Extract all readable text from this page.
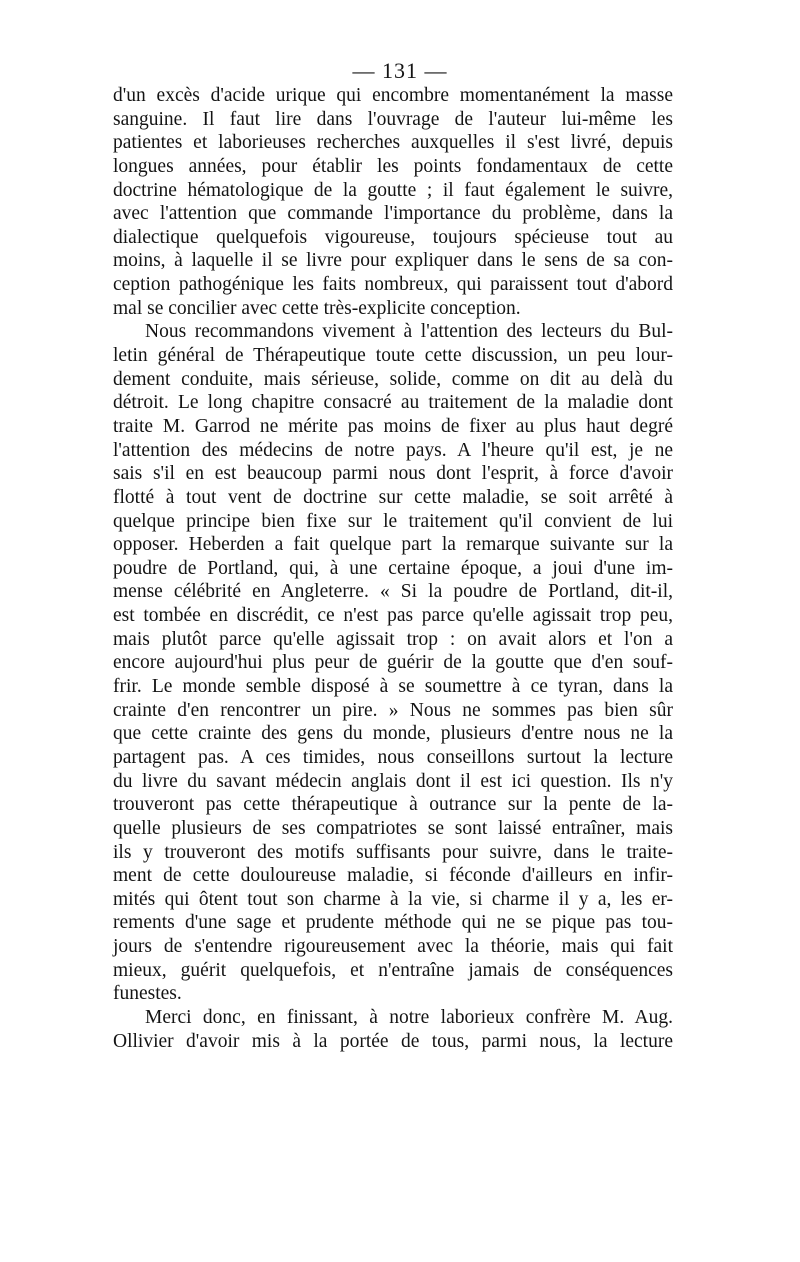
— 131 —
d'un excès d'acide urique qui encombre momentanément la masse
sanguine. Il faut lire dans l'ouvrage de l'auteur lui-même les
patientes et laborieuses recherches auxquelles il s'est livré, depuis
longues années, pour établir les points fondamentaux de cette
doctrine hématologique de la goutte ; il faut également le suivre,
avec l'attention que commande l'importance du problème, dans la
dialectique quelquefois vigoureuse, toujours spécieuse tout au
moins, à laquelle il se livre pour expliquer dans le sens de sa con-
ception pathogénique les faits nombreux, qui paraissent tout d'abord
mal se concilier avec cette très-explicite conception.
Nous recommandons vivement à l'attention des lecteurs du Bul-
letin général de Thérapeutique toute cette discussion, un peu lour-
dement conduite, mais sérieuse, solide, comme on dit au delà du
détroit. Le long chapitre consacré au traitement de la maladie dont
traite M. Garrod ne mérite pas moins de fixer au plus haut degré
l'attention des médecins de notre pays. A l'heure qu'il est, je ne
sais s'il en est beaucoup parmi nous dont l'esprit, à force d'avoir
flotté à tout vent de doctrine sur cette maladie, se soit arrêté à
quelque principe bien fixe sur le traitement qu'il convient de lui
opposer. Heberden a fait quelque part la remarque suivante sur la
poudre de Portland, qui, à une certaine époque, a joui d'une im-
mense célébrité en Angleterre. « Si la poudre de Portland, dit-il,
est tombée en discrédit, ce n'est pas parce qu'elle agissait trop peu,
mais plutôt parce qu'elle agissait trop : on avait alors et l'on a
encore aujourd'hui plus peur de guérir de la goutte que d'en souf-
frir. Le monde semble disposé à se soumettre à ce tyran, dans la
crainte d'en rencontrer un pire. » Nous ne sommes pas bien sûr
que cette crainte des gens du monde, plusieurs d'entre nous ne la
partagent pas. A ces timides, nous conseillons surtout la lecture
du livre du savant médecin anglais dont il est ici question. Ils n'y
trouveront pas cette thérapeutique à outrance sur la pente de la-
quelle plusieurs de ses compatriotes se sont laissé entraîner, mais
ils y trouveront des motifs suffisants pour suivre, dans le traite-
ment de cette douloureuse maladie, si féconde d'ailleurs en infir-
mités qui ôtent tout son charme à la vie, si charme il y a, les er-
rements d'une sage et prudente méthode qui ne se pique pas tou-
jours de s'entendre rigoureusement avec la théorie, mais qui fait
mieux, guérit quelquefois, et n'entraîne jamais de conséquences
funestes.
Merci donc, en finissant, à notre laborieux confrère M. Aug.
Ollivier d'avoir mis à la portée de tous, parmi nous, la lecture
